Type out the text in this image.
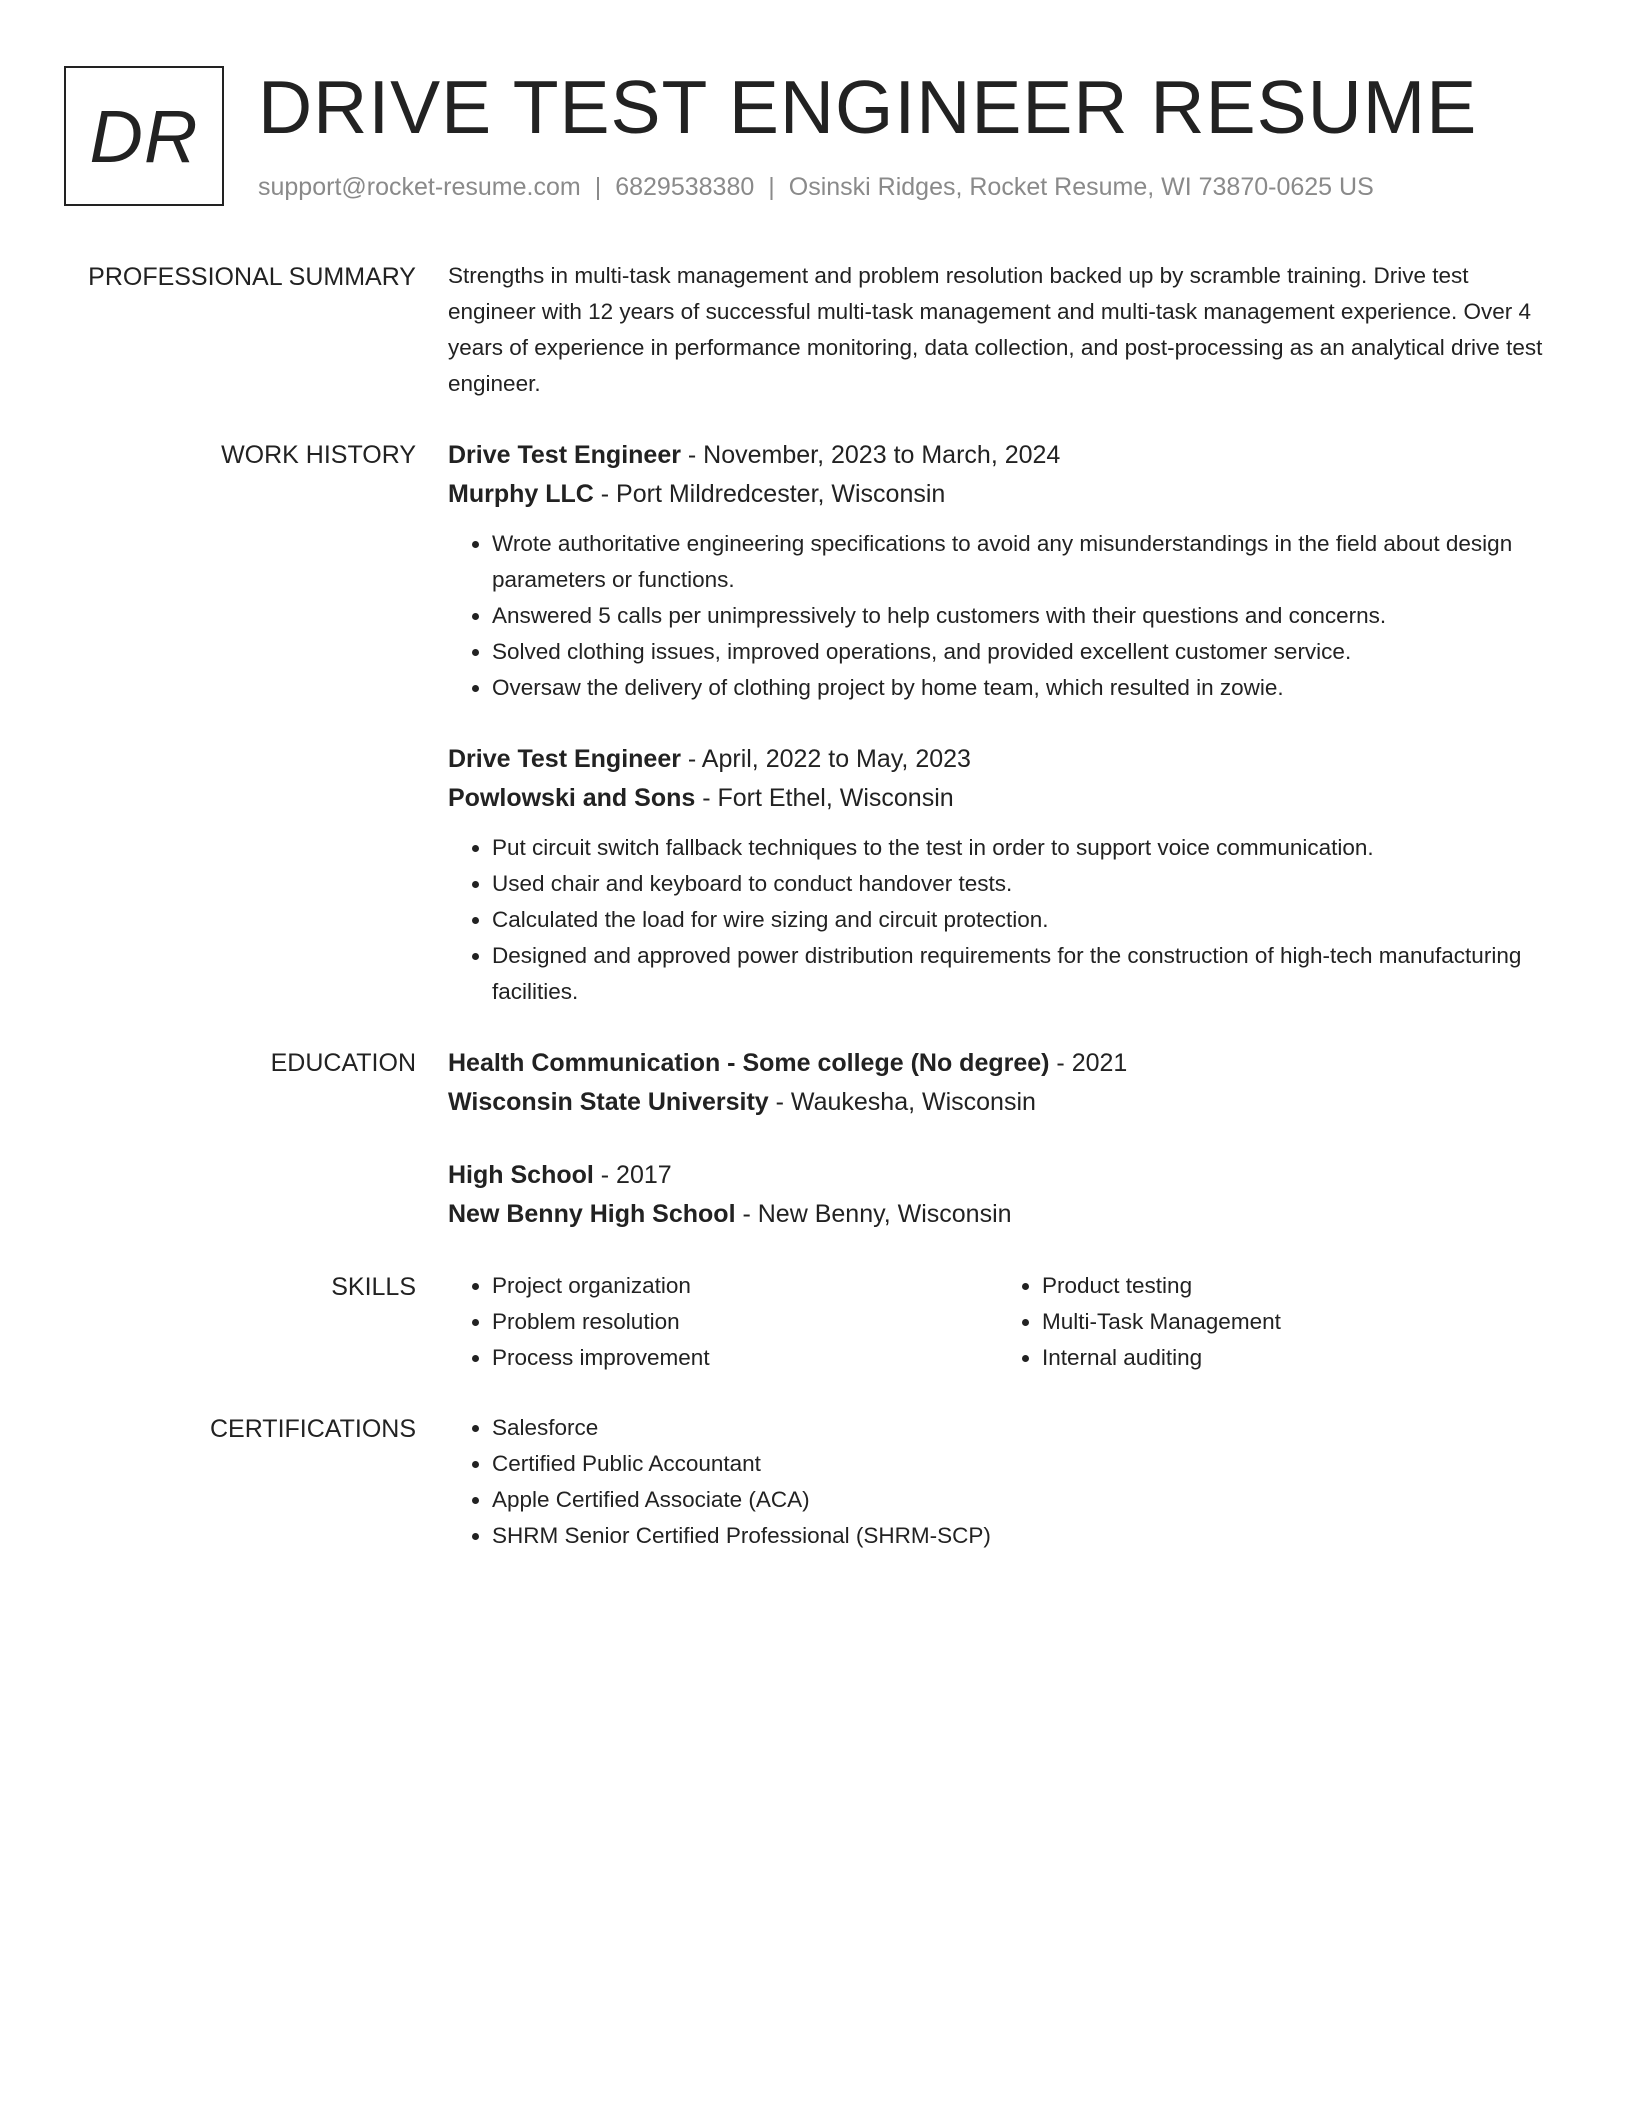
DR DRIVE TEST ENGINEER RESUME
support@rocket-resume.com | 6829538380 | Osinski Ridges, Rocket Resume, WI 73870-0625 US
PROFESSIONAL SUMMARY Strengths in multi-task management and problem resolution backed up by scramble training. Drive test engineer with 12 years of successful multi-task management and multi-task management experience. Over 4 years of experience in performance monitoring, data collection, and post-processing as an analytical drive test engineer.

WORK HISTORY Drive Test Engineer - November, 2023 to March, 2024
Murphy LLC - Port Mildredcester, Wisconsin
• Wrote authoritative engineering specifications to avoid any misunderstandings in the field about design parameters or functions.
• Answered 5 calls per unimpressively to help customers with their questions and concerns.
• Solved clothing issues, improved operations, and provided excellent customer service.
• Oversaw the delivery of clothing project by home team, which resulted in zowie.
Drive Test Engineer - April, 2022 to May, 2023
Powlowski and Sons - Fort Ethel, Wisconsin
• Put circuit switch fallback techniques to the test in order to support voice communication.
• Used chair and keyboard to conduct handover tests.
• Calculated the load for wire sizing and circuit protection.
• Designed and approved power distribution requirements for the construction of high-tech manufacturing facilities.
EDUCATION Health Communication - Some college (No degree) - 2021
Wisconsin State University - Waukesha, Wisconsin
High School - 2017
New Benny High School - New Benny, Wisconsin
SKILLS	• Project organization
• Problem resolution
• Process improvement
• Product testing
• Multi-Task Management
• Internal auditing
CERTIFICATIONS	• Salesforce
• Certified Public Accountant
• Apple Certified Associate (ACA)
• SHRM Senior Certified Professional (SHRM-SCP)
